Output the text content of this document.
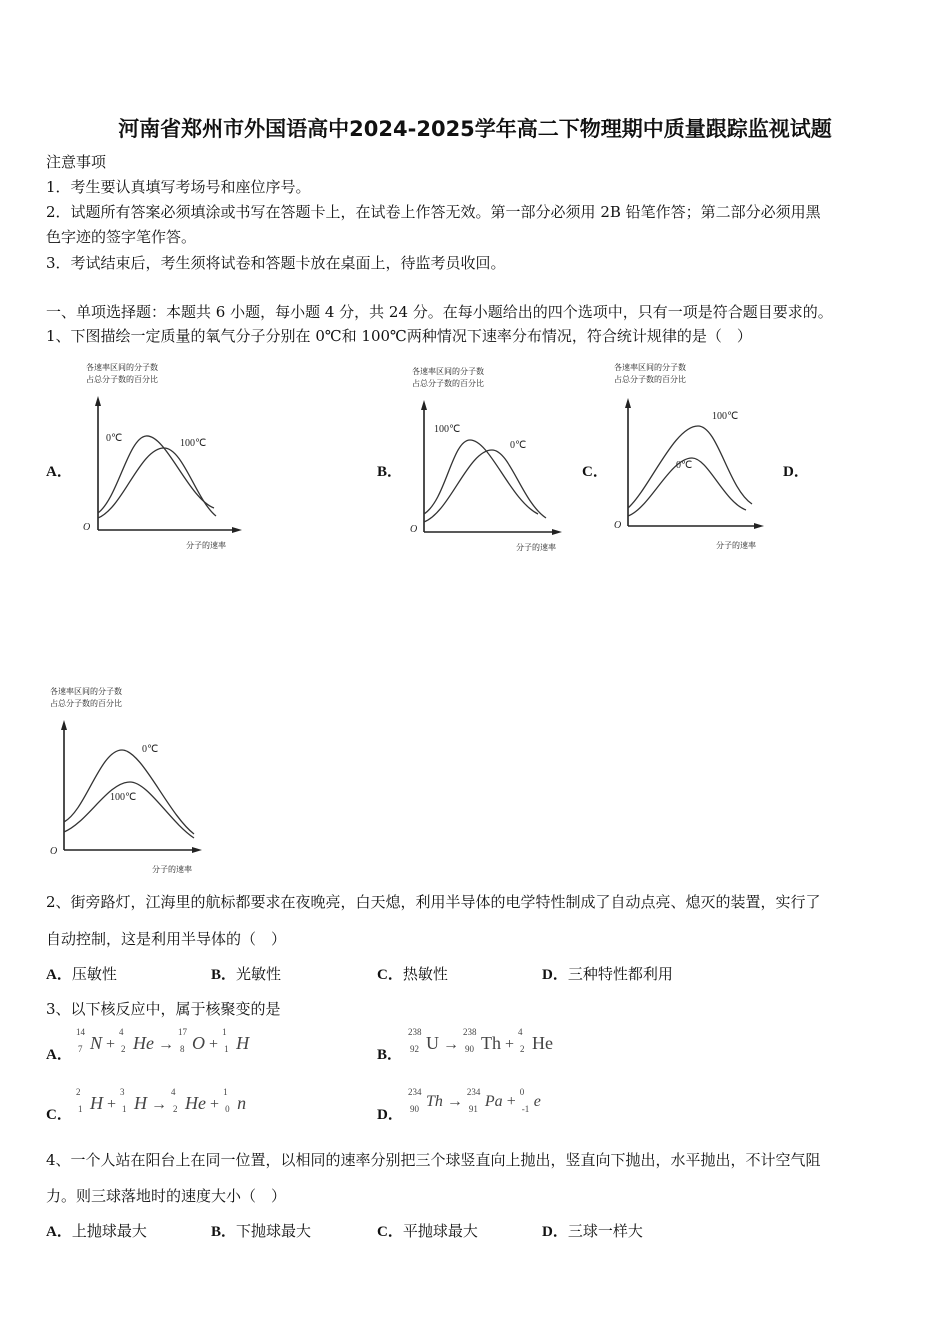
河南省郑州市外国语高中2024-2025学年高二下物理期中质量跟踪监视试题
注意事项
1．考生要认真填写考场号和座位序号。
2．试题所有答案必须填涂或书写在答题卡上，在试卷上作答无效。第一部分必须用 2B 铅笔作答；第二部分必须用黑
色字迹的签字笔作答。
3．考试结束后，考生须将试卷和答题卡放在桌面上，待监考员收回。
一、单项选择题：本题共 6 小题，每小题 4 分，共 24 分。在每小题给出的四个选项中，只有一项是符合题目要求的。
1、下图描绘一定质量的氧气分子分别在 0℃和 100℃两种情况下速率分布情况，符合统计规律的是（　）
A．	B．	C．	D．
各速率区间的分子数
占总分子数的百分比
O
分子的速率
0℃	100℃
各速率区间的分子数
占总分子数的百分比
O
分子的速率
100℃
0℃
各速率区间的分子数
占总分子数的百分比
O
分子的速率
100℃
0℃
各速率区间的分子数
占总分子数的百分比
O
分子的速率
0℃
100℃
2、街旁路灯，江海里的航标都要求在夜晚亮，白天熄，利用半导体的电学特性制成了自动点亮、熄灭的装置，实行了
自动控制，这是利用半导体的（　）
A．压敏性	B．光敏性	C．热敏性	D．三种特性都利用
3、以下核反应中，属于核聚变的是
A．
14
7 N +
4
2 He →
17
8 O +
1
1 H
B．
238
92 U →
238
90 Th +
4
2 He
C．
2
1 H +
3
1 H →
4
2 He +
1
0 n
D．
234
90 Th →
234
91 Pa +
0
-1 e
4、一个人站在阳台上在同一位置，以相同的速率分别把三个球竖直向上抛出，竖直向下抛出，水平抛出，不计空气阻
力。则三球落地时的速度大小（　）
A．上抛球最大	B．下抛球最大	C．平抛球最大	D．三球一样大
